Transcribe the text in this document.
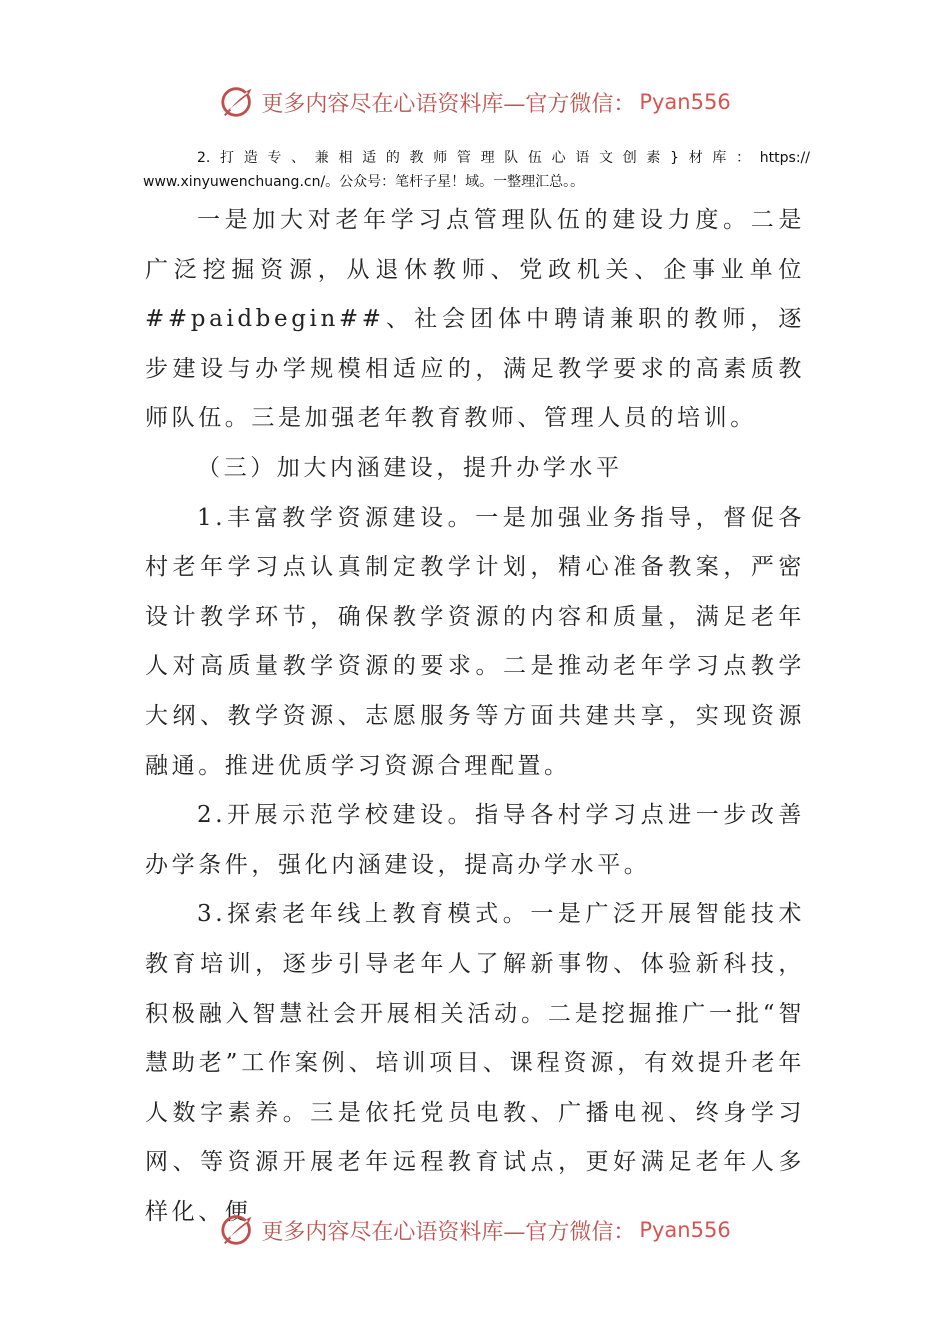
更多内容尽在心语资料库—官方微信： Pyan556
2. 打 造 专 、 兼 相 适 的 教 师 管 理 队 伍 心 语 文 创 素 } 材 库 ： https://
www.xinyuwenchuang.cn/。公众号：笔杆子星！域。一整理汇总。。

一是加大对老年学习点管理队伍的建设力度。二是广泛挖掘资源，从退休教师、党政机关、企事业单位##paidbegin##、社会团体中聘请兼职的教师，逐步建设与办学规模相适应的，满足教学要求的高素质教师队伍。三是加强老年教育教师、管理人员的培训。

（三）加大内涵建设，提升办学水平

1.丰富教学资源建设。一是加强业务指导，督促各村老年学习点认真制定教学计划，精心准备教案，严密设计教学环节，确保教学资源的内容和质量，满足老年人对高质量教学资源的要求。二是推动老年学习点教学大纲、教学资源、志愿服务等方面共建共享，实现资源融通。推进优质学习资源合理配置。

2.开展示范学校建设。指导各村学习点进一步改善办学条件，强化内涵建设，提高办学水平。

3.探索老年线上教育模式。一是广泛开展智能技术教育培训，逐步引导老年人了解新事物、体验新科技，积极融入智慧社会开展相关活动。二是挖掘推广一批“智慧助老”工作案例、培训项目、课程资源，有效提升老年人数字素养。三是依托党员电教、广播电视、终身学习网、等资源开展老年远程教育试点，更好满足老年人多样化、便

更多内容尽在心语资料库—官方微信： Pyan556
